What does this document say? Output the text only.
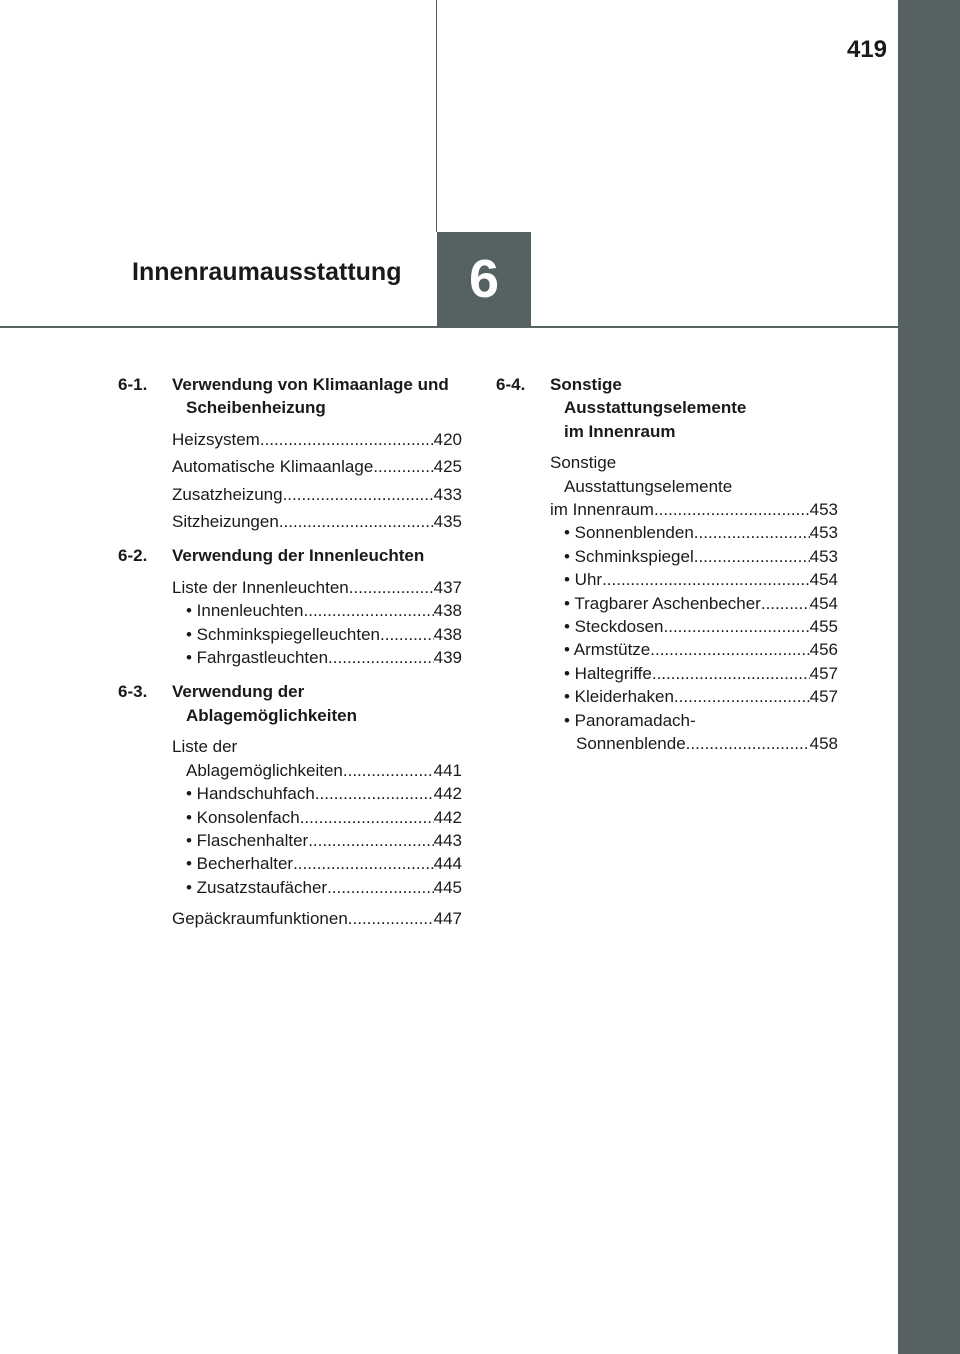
419
Innenraumausstattung	6
6-1.	Verwendung von Klimaanlage und Scheibenheizung
Heizsystem .....	420
Automatische Klimaanlage .....	425
Zusatzheizung .....	433
Sitzheizungen .....	435
6-2.	Verwendung der Innenleuchten
Liste der Innenleuchten .....	437
• Innenleuchten .....	438
• Schminkspiegelleuchten .....	438
• Fahrgastleuchten .....	439
6-3.	Verwendung der Ablagemöglichkeiten
Liste der
Ablagemöglichkeiten .....	441
• Handschuhfach .....	442
• Konsolenfach .....	442
• Flaschenhalter .....	443
• Becherhalter .....	444
• Zusatzstaufächer .....	445
Gepäckraumfunktionen .....	447
6-4.	Sonstige
Ausstattungselemente
im Innenraum
Sonstige
Ausstattungselemente
im Innenraum .....	453
• Sonnenblenden .....	453
• Schminkspiegel .....	453
• Uhr .....	454
• Tragbarer Aschenbecher .....	454
• Steckdosen .....	455
• Armstütze .....	456
• Haltegriffe .....	457
• Kleiderhaken .....	457
• Panoramadach-
Sonnenblende .....	458
